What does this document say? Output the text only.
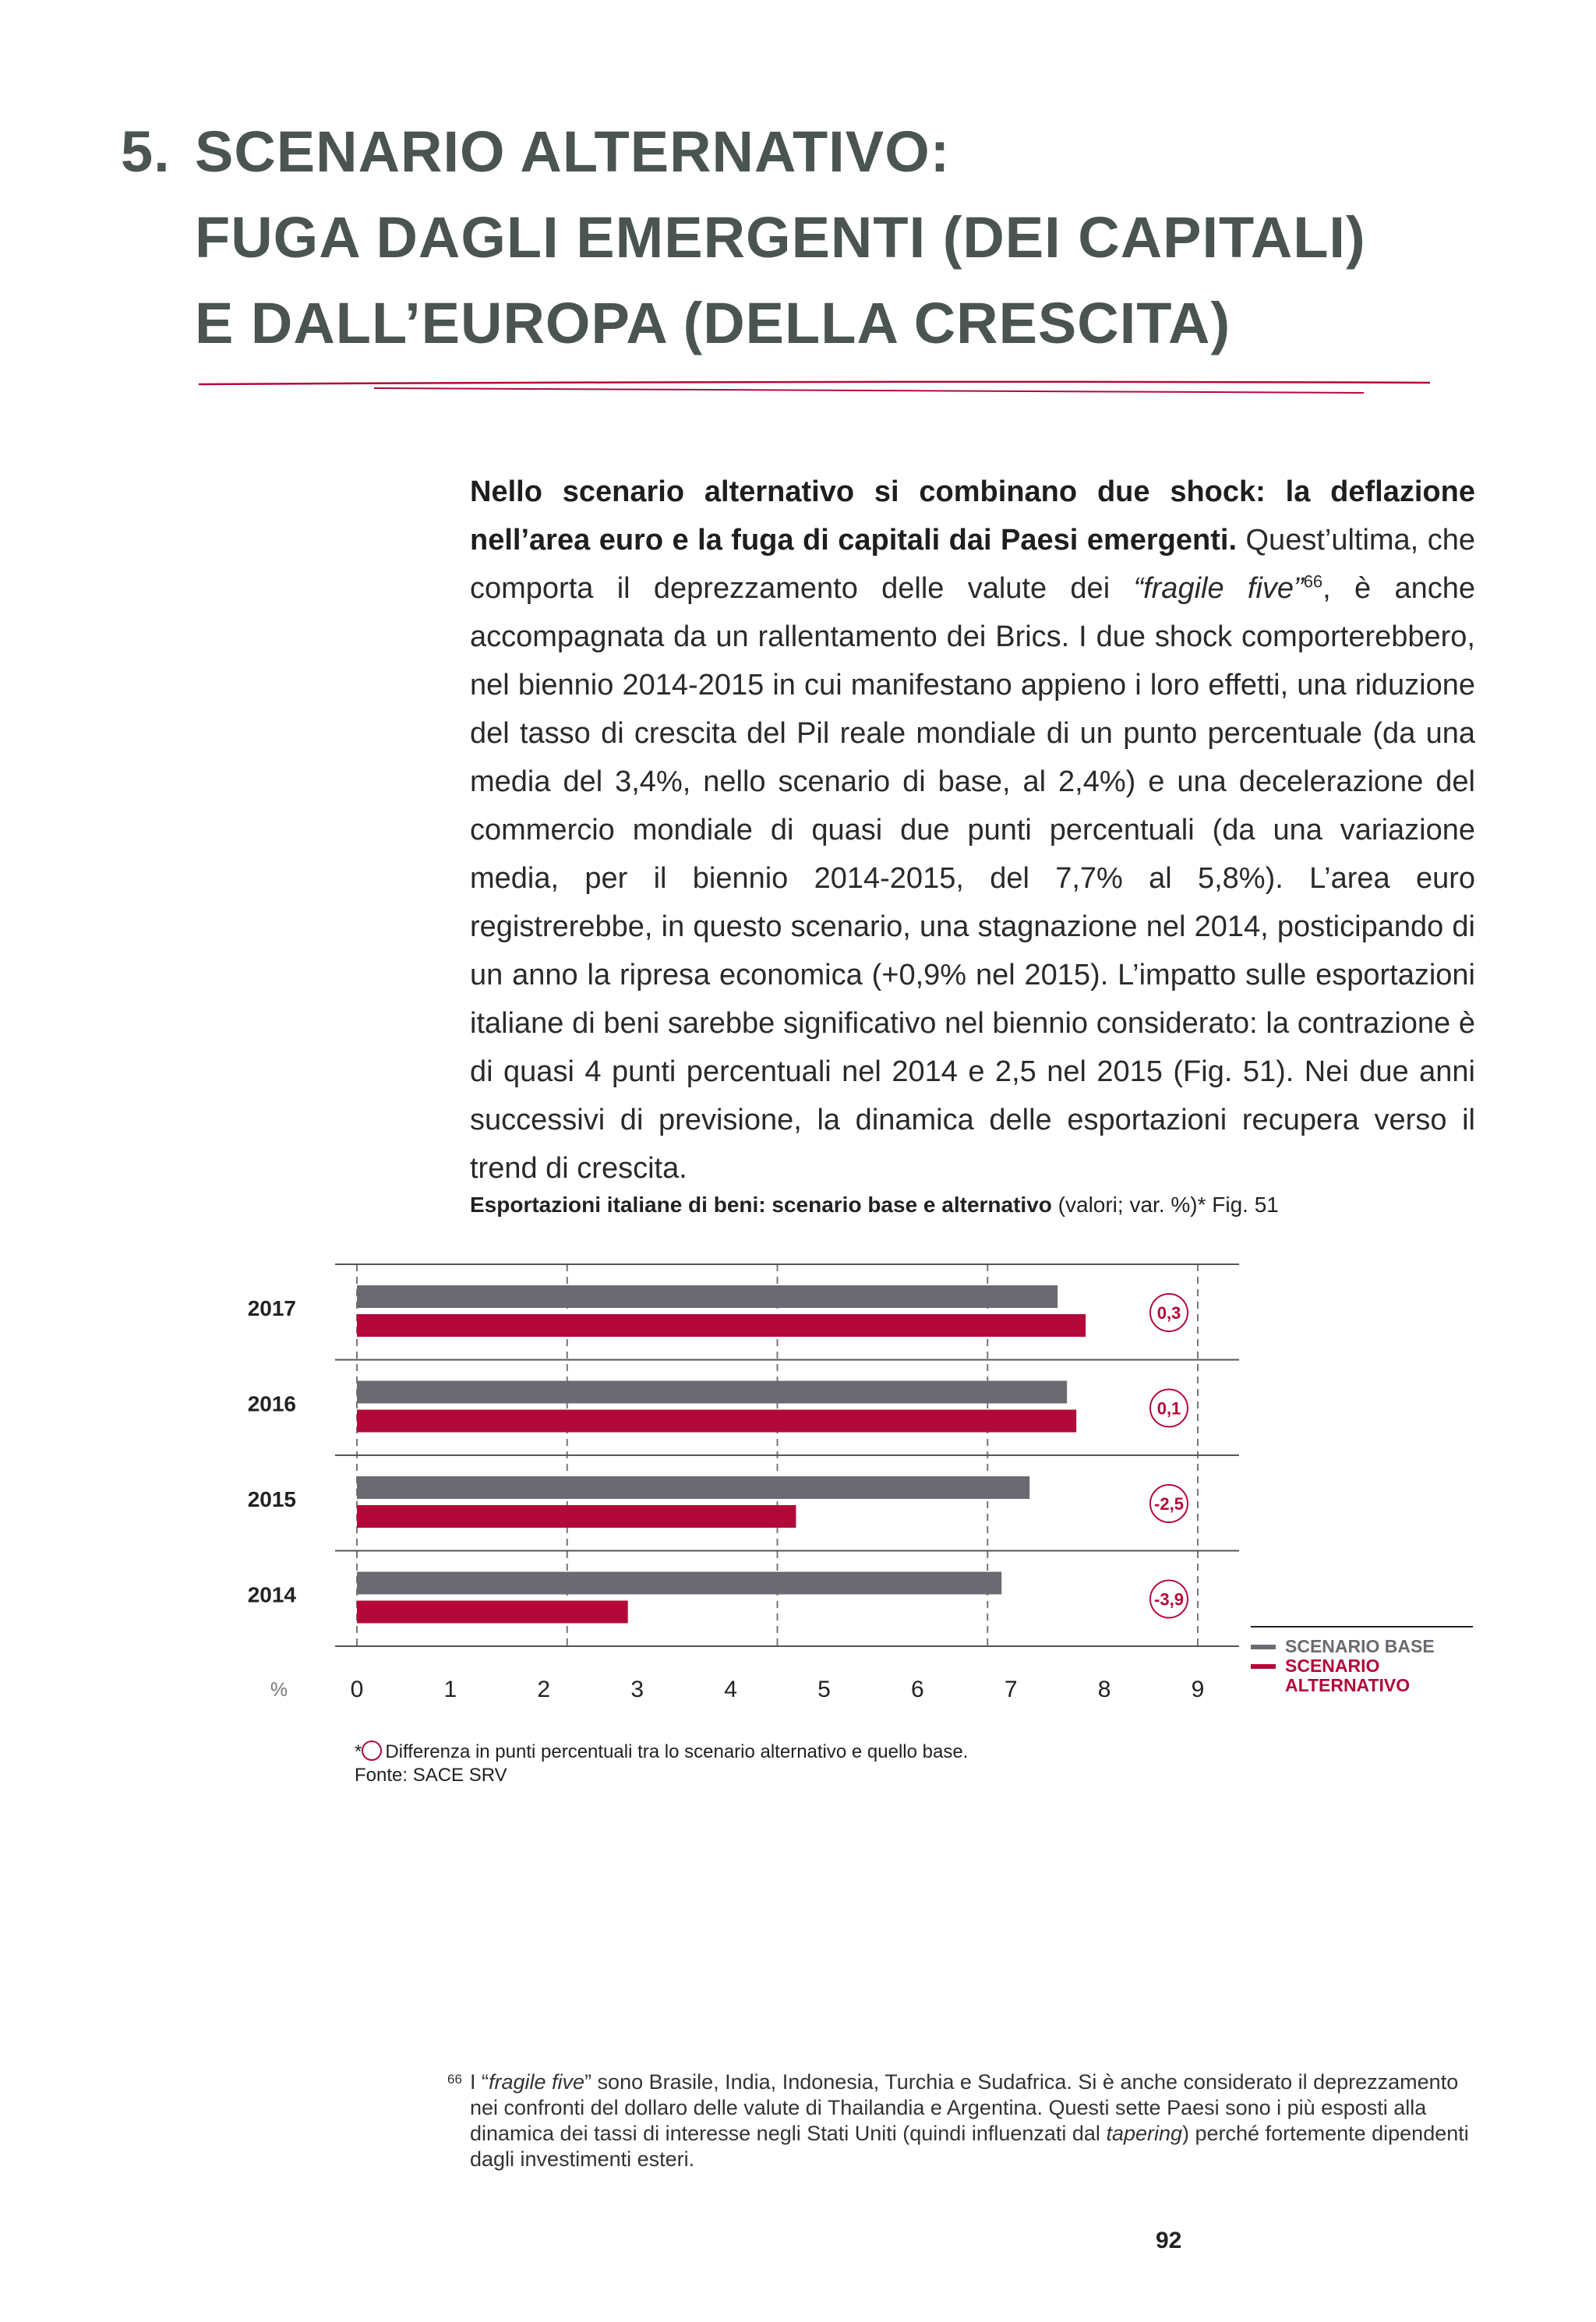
5. SCENARIO ALTERNATIVO:
FUGA DAGLI EMERGENTI (DEI CAPITALI)
E DALL’EUROPA (DELLA CRESCITA)
Nello scenario alternativo si combinano due shock: la deflazione nell’area euro e la fuga di capitali dai Paesi emergenti. Quest’ultima, che comporta il deprezzamento delle valute dei “fragile five”$^{66}$, è anche accompagnata da un rallentamento dei Brics. I due shock comporterebbero, nel biennio 2014-2015 in cui manifestano appieno i loro effetti, una riduzione del tasso di crescita del Pil reale mondiale di un punto percentuale (da una media del 3,4%, nello scenario di base, al 2,4%) e una decelerazione del commercio mondiale di quasi due punti percentuali (da una variazione media, per il biennio 2014-2015, del 7,7% al 5,8%). L’area euro registrerebbe, in questo scenario, una stagnazione nel 2014, posticipando di un anno la ripresa economica (+0,9% nel 2015). L’impatto sulle esportazioni italiane di beni sarebbe significativo nel biennio considerato: la contrazione è di quasi 4 punti percentuali nel 2014 e 2,5 nel 2015 (Fig. 51). Nei due anni successivi di previsione, la dinamica delle esportazioni recupera verso il trend di crescita.
Esportazioni italiane di beni: scenario base e alternativo (valori; var. %)* Fig. 51
2017	0,3
2016	0,1
2015	-2,5
2014	-3,9
%	0	1	2	3	4	5	6	7	8	9
SCENARIO BASE
SCENARIO ALTERNATIVO
* Differenza in punti percentuali tra lo scenario alternativo e quello base.
Fonte: SACE SRV
66 I “fragile five” sono Brasile, India, Indonesia, Turchia e Sudafrica. Si è anche considerato il deprezzamento nei confronti del dollaro delle valute di Thailandia e Argentina. Questi sette Paesi sono i più esposti alla dinamica dei tassi di interesse negli Stati Uniti (quindi influenzati dal tapering) perché fortemente dipendenti dagli investimenti esteri.
92
